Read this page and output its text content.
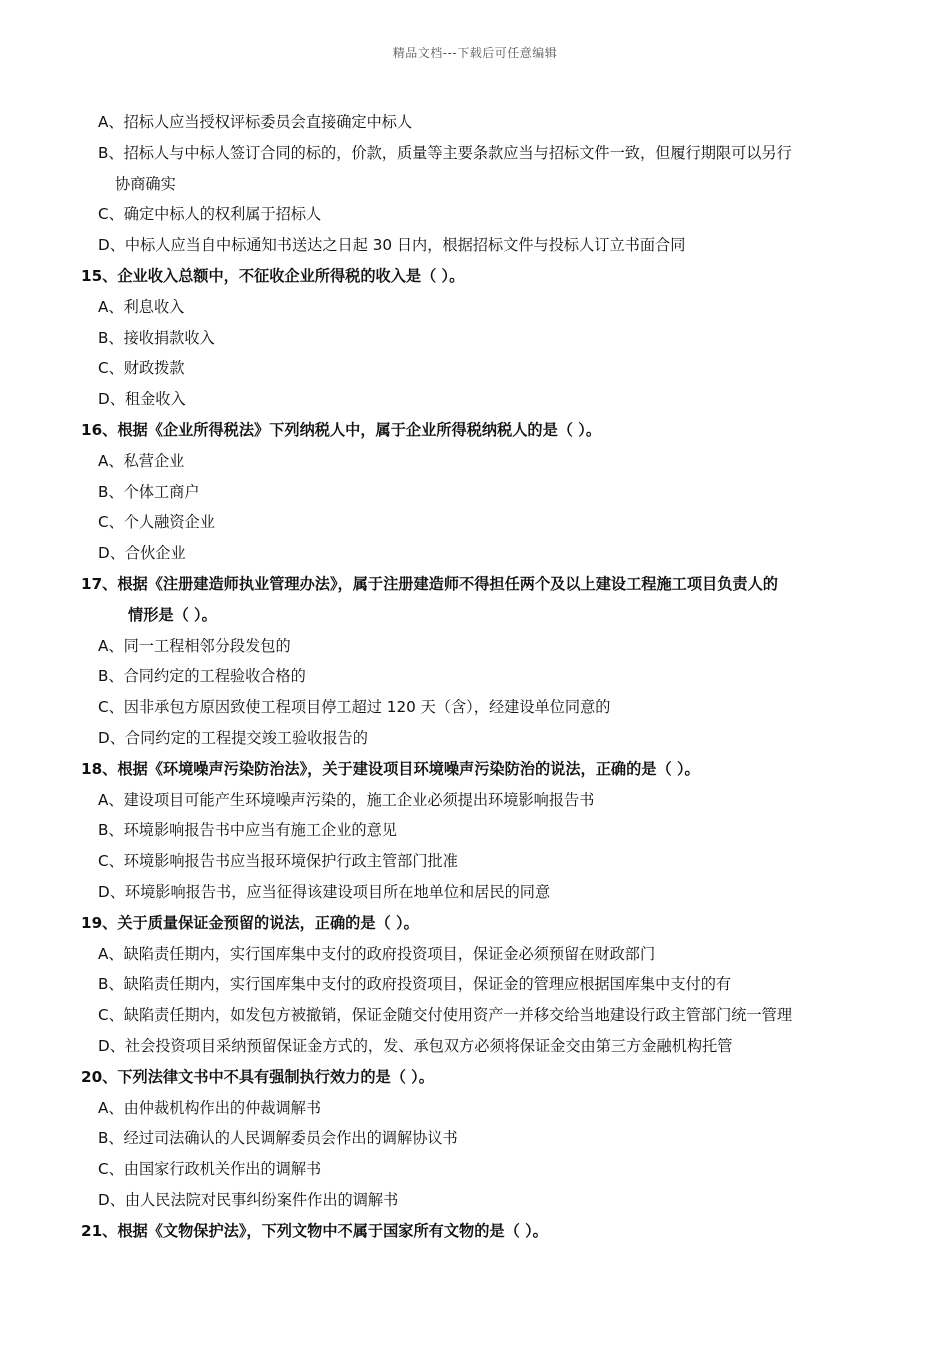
精品文档---下载后可任意编辑
A、招标人应当授权评标委员会直接确定中标人
B、招标人与中标人签订合同的标的，价款，质量等主要条款应当与招标文件一致，但履行期限可以另行
协商确实
C、确定中标人的权利属于招标人
D、中标人应当自中标通知书送达之日起 30 日内，根据招标文件与投标人订立书面合同
15、企业收入总额中，不征收企业所得税的收入是（ ）。
A、利息收入
B、接收捐款收入
C、财政拨款
D、租金收入
16、根据《企业所得税法》下列纳税人中，属于企业所得税纳税人的是（ ）。
A、私营企业
B、个体工商户
C、个人融资企业
D、合伙企业
17、根据《注册建造师执业管理办法》，属于注册建造师不得担任两个及以上建设工程施工项目负责人的
情形是（ ）。
A、同一工程相邻分段发包的
B、合同约定的工程验收合格的
C、因非承包方原因致使工程项目停工超过 120 天（含），经建设单位同意的
D、合同约定的工程提交竣工验收报告的
18、根据《环境噪声污染防治法》，关于建设项目环境噪声污染防治的说法，正确的是（ ）。
A、建设项目可能产生环境噪声污染的，施工企业必须提出环境影响报告书
B、环境影响报告书中应当有施工企业的意见
C、环境影响报告书应当报环境保护行政主管部门批准
D、环境影响报告书，应当征得该建设项目所在地单位和居民的同意
19、关于质量保证金预留的说法，正确的是（ ）。
A、缺陷责任期内，实行国库集中支付的政府投资项目，保证金必须预留在财政部门
B、缺陷责任期内，实行国库集中支付的政府投资项目，保证金的管理应根据国库集中支付的有
C、缺陷责任期内，如发包方被撤销，保证金随交付使用资产一并移交给当地建设行政主管部门统一管理
D、社会投资项目采纳预留保证金方式的，发、承包双方必须将保证金交由第三方金融机构托管
20、下列法律文书中不具有强制执行效力的是（ ）。
A、由仲裁机构作出的仲裁调解书
B、经过司法确认的人民调解委员会作出的调解协议书
C、由国家行政机关作出的调解书
D、由人民法院对民事纠纷案件作出的调解书
21、根据《文物保护法》，下列文物中不属于国家所有文物的是（ ）。
